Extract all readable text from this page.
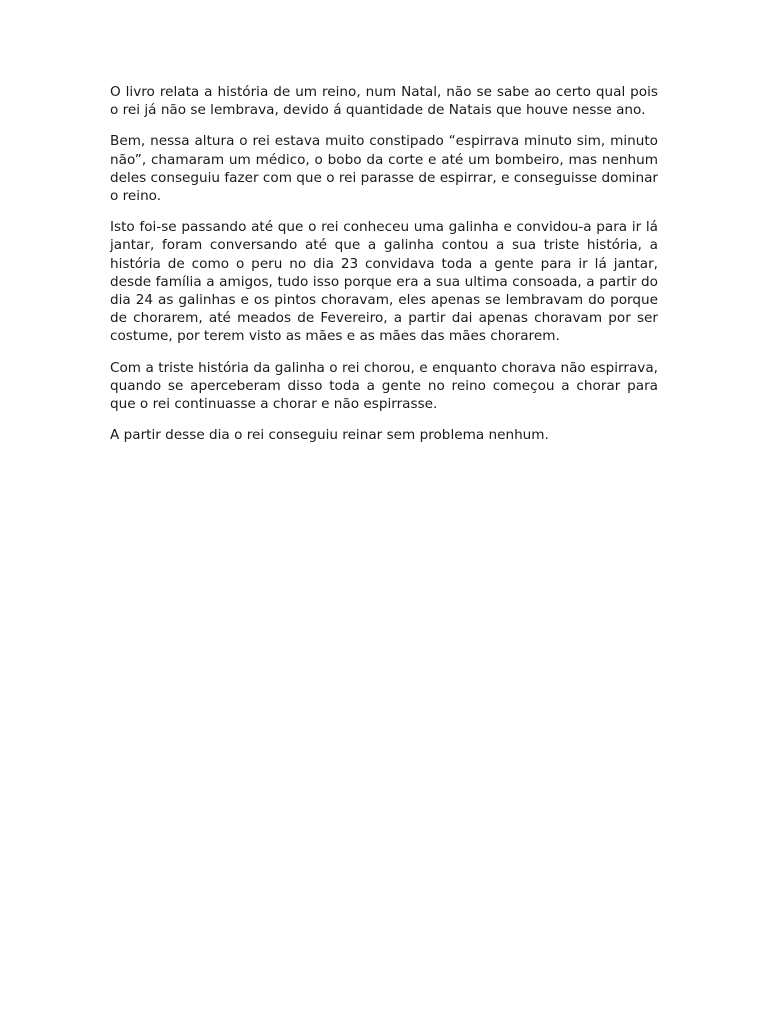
O livro relata a história de um reino, num Natal, não se sabe ao certo qual pois o rei já não se lembrava, devido á quantidade de Natais que houve nesse ano.

Bem, nessa altura o rei estava muito constipado “espirrava minuto sim, minuto não”, chamaram um médico, o bobo da corte e até um bombeiro, mas nenhum deles conseguiu fazer com que o rei parasse de espirrar, e conseguisse dominar o reino.

Isto foi-se passando até que o rei conheceu uma galinha e convidou-a para ir lá jantar, foram conversando até que a galinha contou a sua triste história, a história de como o peru no dia 23 convidava toda a gente para ir lá jantar, desde família a amigos, tudo isso porque era a sua ultima consoada, a partir do dia 24 as galinhas e os pintos choravam, eles apenas se lembravam do porque de chorarem, até meados de Fevereiro, a partir dai apenas choravam por ser costume, por terem visto as mães e as mães das mães chorarem.

Com a triste história da galinha o rei chorou, e enquanto chorava não espirrava, quando se aperceberam disso toda a gente no reino começou a chorar para que o rei continuasse a chorar e não espirrasse.

A partir desse dia o rei conseguiu reinar sem problema nenhum.
